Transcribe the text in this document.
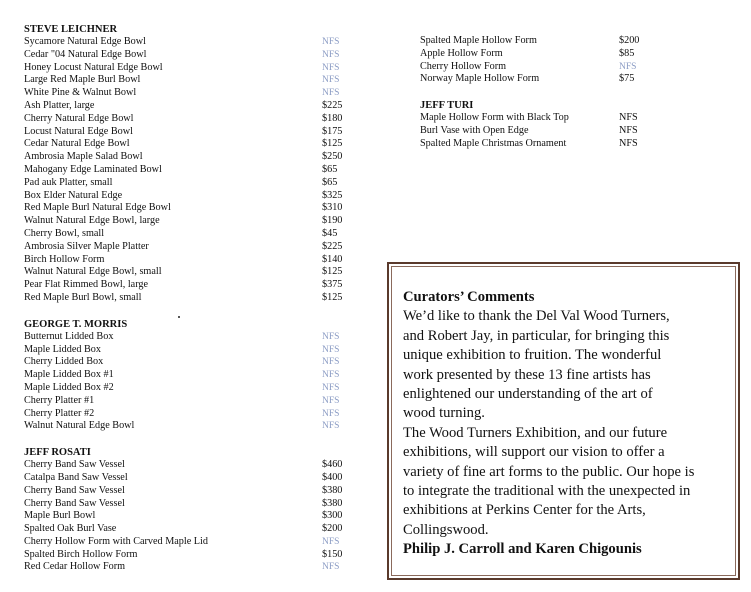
STEVE LEICHNER
Sycamore Natural Edge Bowl	NFS
Cedar "04 Natural Edge Bowl	NFS
Honey Locust Natural Edge Bowl	NFS
Large Red Maple Burl Bowl	NFS
White Pine & Walnut Bowl	NFS
Ash Platter, large	$225
Cherry Natural Edge Bowl	$180
Locust Natural Edge Bowl	$175
Cedar Natural Edge Bowl	$125
Ambrosia Maple Salad Bowl	$250
Mahogany Edge Laminated Bowl	$65
Pad auk Platter, small	$65
Box Elder Natural Edge	$325
Red Maple Burl Natural Edge Bowl	$310
Walnut Natural Edge Bowl, large	$190
Cherry Bowl, small	$45
Ambrosia Silver Maple Platter	$225
Birch Hollow Form	$140
Walnut Natural Edge Bowl, small	$125
Pear Flat Rimmed Bowl, large	$375
Red Maple Burl Bowl, small	$125
GEORGE T. MORRIS
Butternut Lidded Box	NFS
Maple Lidded Box	NFS
Cherry Lidded Box	NFS
Maple Lidded Box #1	NFS
Maple Lidded Box #2	NFS
Cherry Platter #1	NFS
Cherry Platter #2	NFS
Walnut Natural Edge Bowl	NFS
JEFF ROSATI
Cherry Band Saw Vessel	$460
Catalpa Band Saw Vessel	$400
Cherry Band Saw Vessel	$380
Cherry Band Saw Vessel	$380
Maple Burl Bowl	$300
Spalted Oak Burl Vase	$200
Cherry Hollow Form with Carved Maple Lid	NFS
Spalted Birch Hollow Form	$150
Red Cedar Hollow Form	NFS
Spalted Maple Hollow Form	$200
Apple Hollow Form	$85
Cherry Hollow Form	NFS
Norway Maple Hollow Form	$75
JEFF TURI
Maple Hollow Form with Black Top	NFS
Burl Vase with Open Edge	NFS
Spalted Maple Christmas Ornament	NFS
Curators’ Comments
We’d like to thank the Del Val Wood Turners,
and Robert Jay, in particular, for bringing this
unique exhibition to fruition. The wonderful
work presented by these 13 fine artists has
enlightened our understanding of the art of
wood turning.
The Wood Turners Exhibition, and our future
exhibitions, will support our vision to offer a
variety of fine art forms to the public. Our hope is
to integrate the traditional with the unexpected in
exhibitions at Perkins Center for the Arts,
Collingswood.
Philip J. Carroll and Karen Chigounis
